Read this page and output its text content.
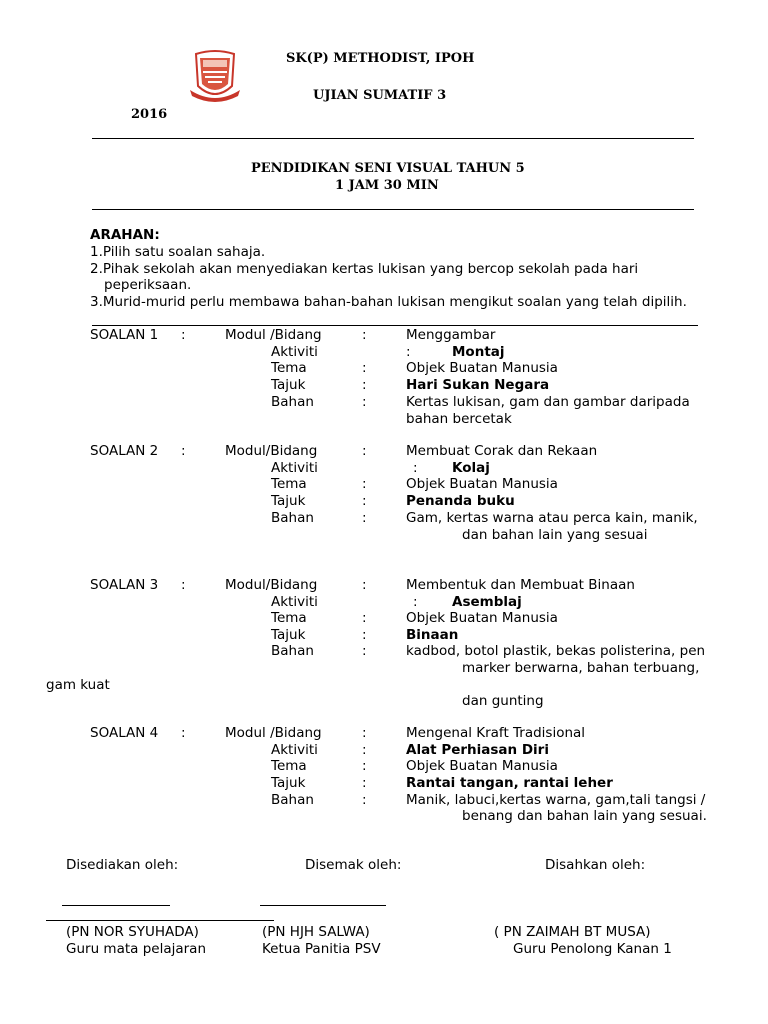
SK(P) METHODIST, IPOH
UJIAN SUMATIF 3
2016
PENDIDIKAN SENI VISUAL TAHUN 5
1 JAM 30 MIN
ARAHAN:
1.Pilih satu soalan sahaja.
2.Pihak sekolah akan menyediakan kertas lukisan yang bercop sekolah pada hari
peperiksaan.
3.Murid-murid perlu membawa bahan-bahan lukisan mengikut soalan yang telah dipilih.
SOALAN 1 :	Modul /Bidang	:	Menggambar
Aktiviti	:	Montaj
Tema	:	Objek Buatan Manusia
Tajuk	:	Hari Sukan Negara
Bahan	:	Kertas lukisan, gam dan gambar daripada
bahan bercetak
SOALAN 2 :	Modul/Bidang	:	Membuat Corak dan Rekaan
Aktiviti	:	Kolaj
Tema	:	Objek Buatan Manusia
Tajuk	:	Penanda buku
Bahan	:	Gam, kertas warna atau perca kain, manik,
dan bahan lain yang sesuai
SOALAN 3 :	Modul/Bidang	:	Membentuk dan Membuat Binaan
Aktiviti	:	Asemblaj
Tema	:	Objek Buatan Manusia
Tajuk	:	Binaan
Bahan	:	kadbod, botol plastik, bekas polisterina, pen
marker berwarna, bahan terbuang,
gam kuat
dan gunting
SOALAN 4 :	Modul /Bidang	:	Mengenal Kraft Tradisional
Aktiviti	:	Alat Perhiasan Diri
Tema	:	Objek Buatan Manusia
Tajuk	:	Rantai tangan, rantai leher
Bahan	:	Manik, labuci,kertas warna, gam,tali tangsi /
benang dan bahan lain yang sesuai.
Disediakan oleh:	Disemak oleh:	Disahkan oleh:
(PN NOR SYUHADA)	(PN HJH SALWA)	( PN ZAIMAH BT MUSA)
Guru mata pelajaran	Ketua Panitia PSV	Guru Penolong Kanan 1
